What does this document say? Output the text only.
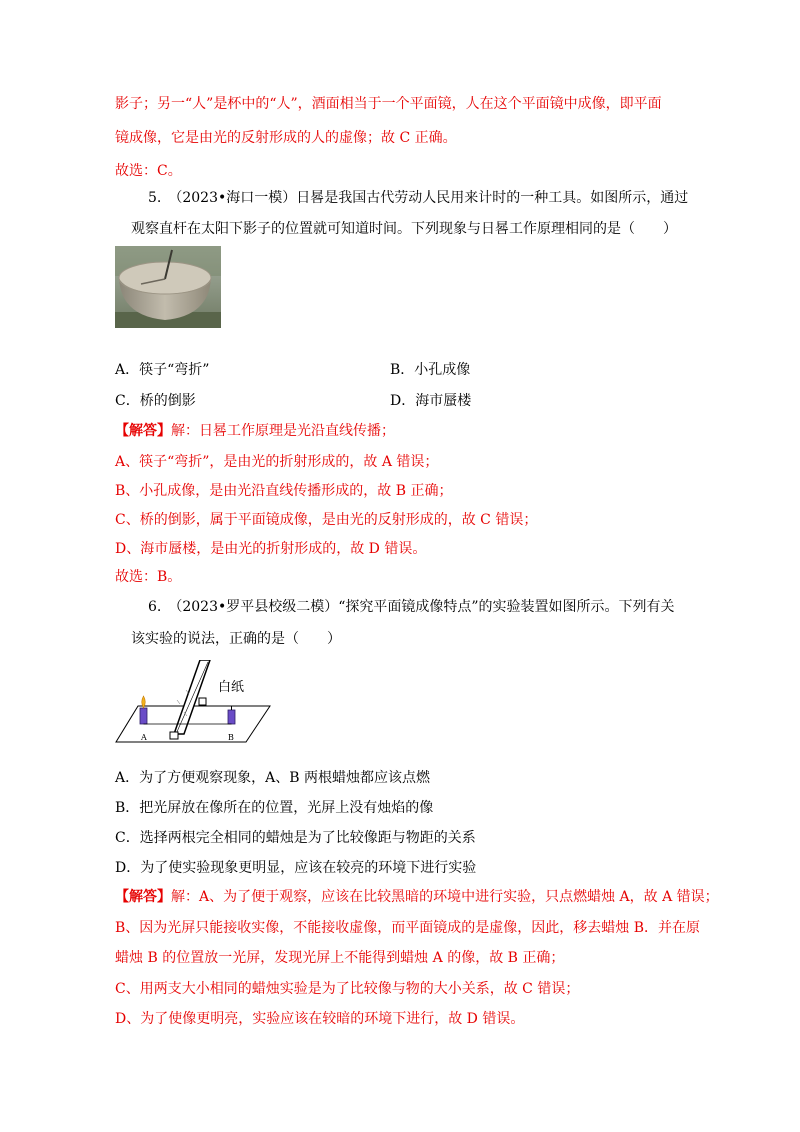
影子；另一“人”是杯中的“人”，酒面相当于一个平面镜，人在这个平面镜中成像，即平面
镜成像，它是由光的反射形成的人的虚像；故 C 正确。
故选：C。
5.　（2023•海口一模）日晷是我国古代劳动人民用来计时的一种工具。如图所示，通过
观察直杆在太阳下影子的位置就可知道时间。下列现象与日晷工作原理相同的是（　　）
A．筷子“弯折”	B．小孔成像
C．桥的倒影	D．海市蜃楼
【解答】解：日晷工作原理是光沿直线传播；
A、筷子“弯折”，是由光的折射形成的，故 A 错误；
B、小孔成像，是由光沿直线传播形成的，故 B 正确；
C、桥的倒影，属于平面镜成像，是由光的反射形成的，故 C 错误；
D、海市蜃楼，是由光的折射形成的，故 D 错误。
故选：B。
6.　（2023•罗平县校级二模）“探究平面镜成像特点”的实验装置如图所示。下列有关
该实验的说法，正确的是（　　）
白纸
A	B
A．为了方便观察现象，A、B 两根蜡烛都应该点燃
B．把光屏放在像所在的位置，光屏上没有烛焰的像
C．选择两根完全相同的蜡烛是为了比较像距与物距的关系
D．为了使实验现象更明显，应该在较亮的环境下进行实验
【解答】解：A、为了便于观察，应该在比较黑暗的环境中进行实验，只点燃蜡烛 A，故 A 错误；
B、因为光屏只能接收实像，不能接收虚像，而平面镜成的是虚像，因此，移去蜡烛 B．并在原
蜡烛 B 的位置放一光屏，发现光屏上不能得到蜡烛 A 的像，故 B 正确；
C、用两支大小相同的蜡烛实验是为了比较像与物的大小关系，故 C 错误；
D、为了使像更明亮，实验应该在较暗的环境下进行，故 D 错误。
